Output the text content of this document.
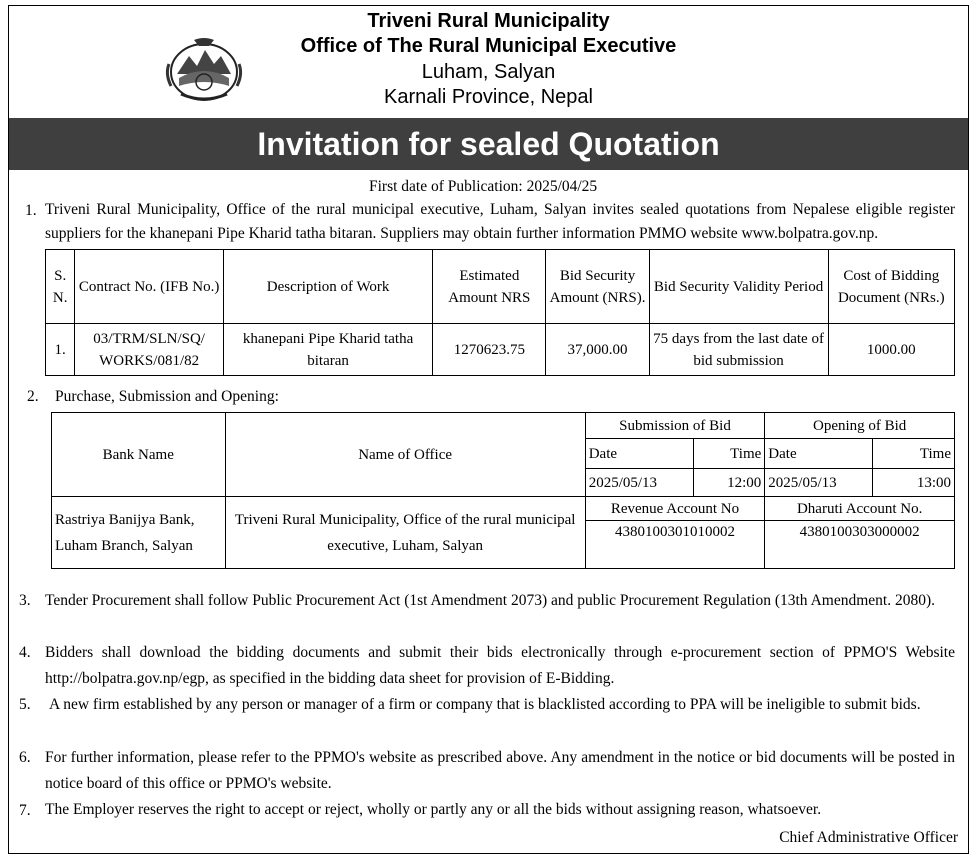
Triveni Rural Municipality
Office of The Rural Municipal Executive
Luham, Salyan
Karnali Province, Nepal
Invitation for sealed Quotation
First date of Publication: 2025/04/25
1. Triveni Rural Municipality, Office of the rural municipal executive, Luham, Salyan invites sealed quotations from Nepalese eligible register suppliers for the khanepani Pipe Kharid tatha bitaran. Suppliers may obtain further information PMMO website www.bolpatra.gov.np.
S. N.	Contract No. (IFB No.)	Description of Work	Estimated Amount NRS	Bid Security Amount (NRS).	Bid Security Validity Period	Cost of Bidding Document (NRs.)
1.	03/TRM/SLN/SQ/ WORKS/081/82	khanepani Pipe Kharid tatha bitaran	1270623.75	37,000.00	75 days from the last date of bid submission	1000.00
2. Purchase, Submission and Opening:
Bank Name	Name of Office	Submission of Bid		Opening of Bid	
		Date	Time	Date	Time
		2025/05/13	12:00	2025/05/13	13:00
Rastriya Banijya Bank, Luham Branch, Salyan	Triveni Rural Municipality, Office of the rural municipal executive, Luham, Salyan	Revenue Account No		Dharuti Account No.	
		4380100301010002		4380100303000002	
3. Tender Procurement shall follow Public Procurement Act (1st Amendment 2073) and public Procurement Regulation (13th Amendment. 2080).
4. Bidders shall download the bidding documents and submit their bids electronically through e-procurement section of PPMO'S Website http://bolpatra.gov.np/egp, as specified in the bidding data sheet for provision of E-Bidding.
5. A new firm established by any person or manager of a firm or company that is blacklisted according to PPA will be ineligible to submit bids.
6. For further information, please refer to the PPMO's website as prescribed above. Any amendment in the notice or bid documents will be posted in notice board of this office or PPMO's website.
7. The Employer reserves the right to accept or reject, wholly or partly any or all the bids without assigning reason, whatsoever.
Chief Administrative Officer
